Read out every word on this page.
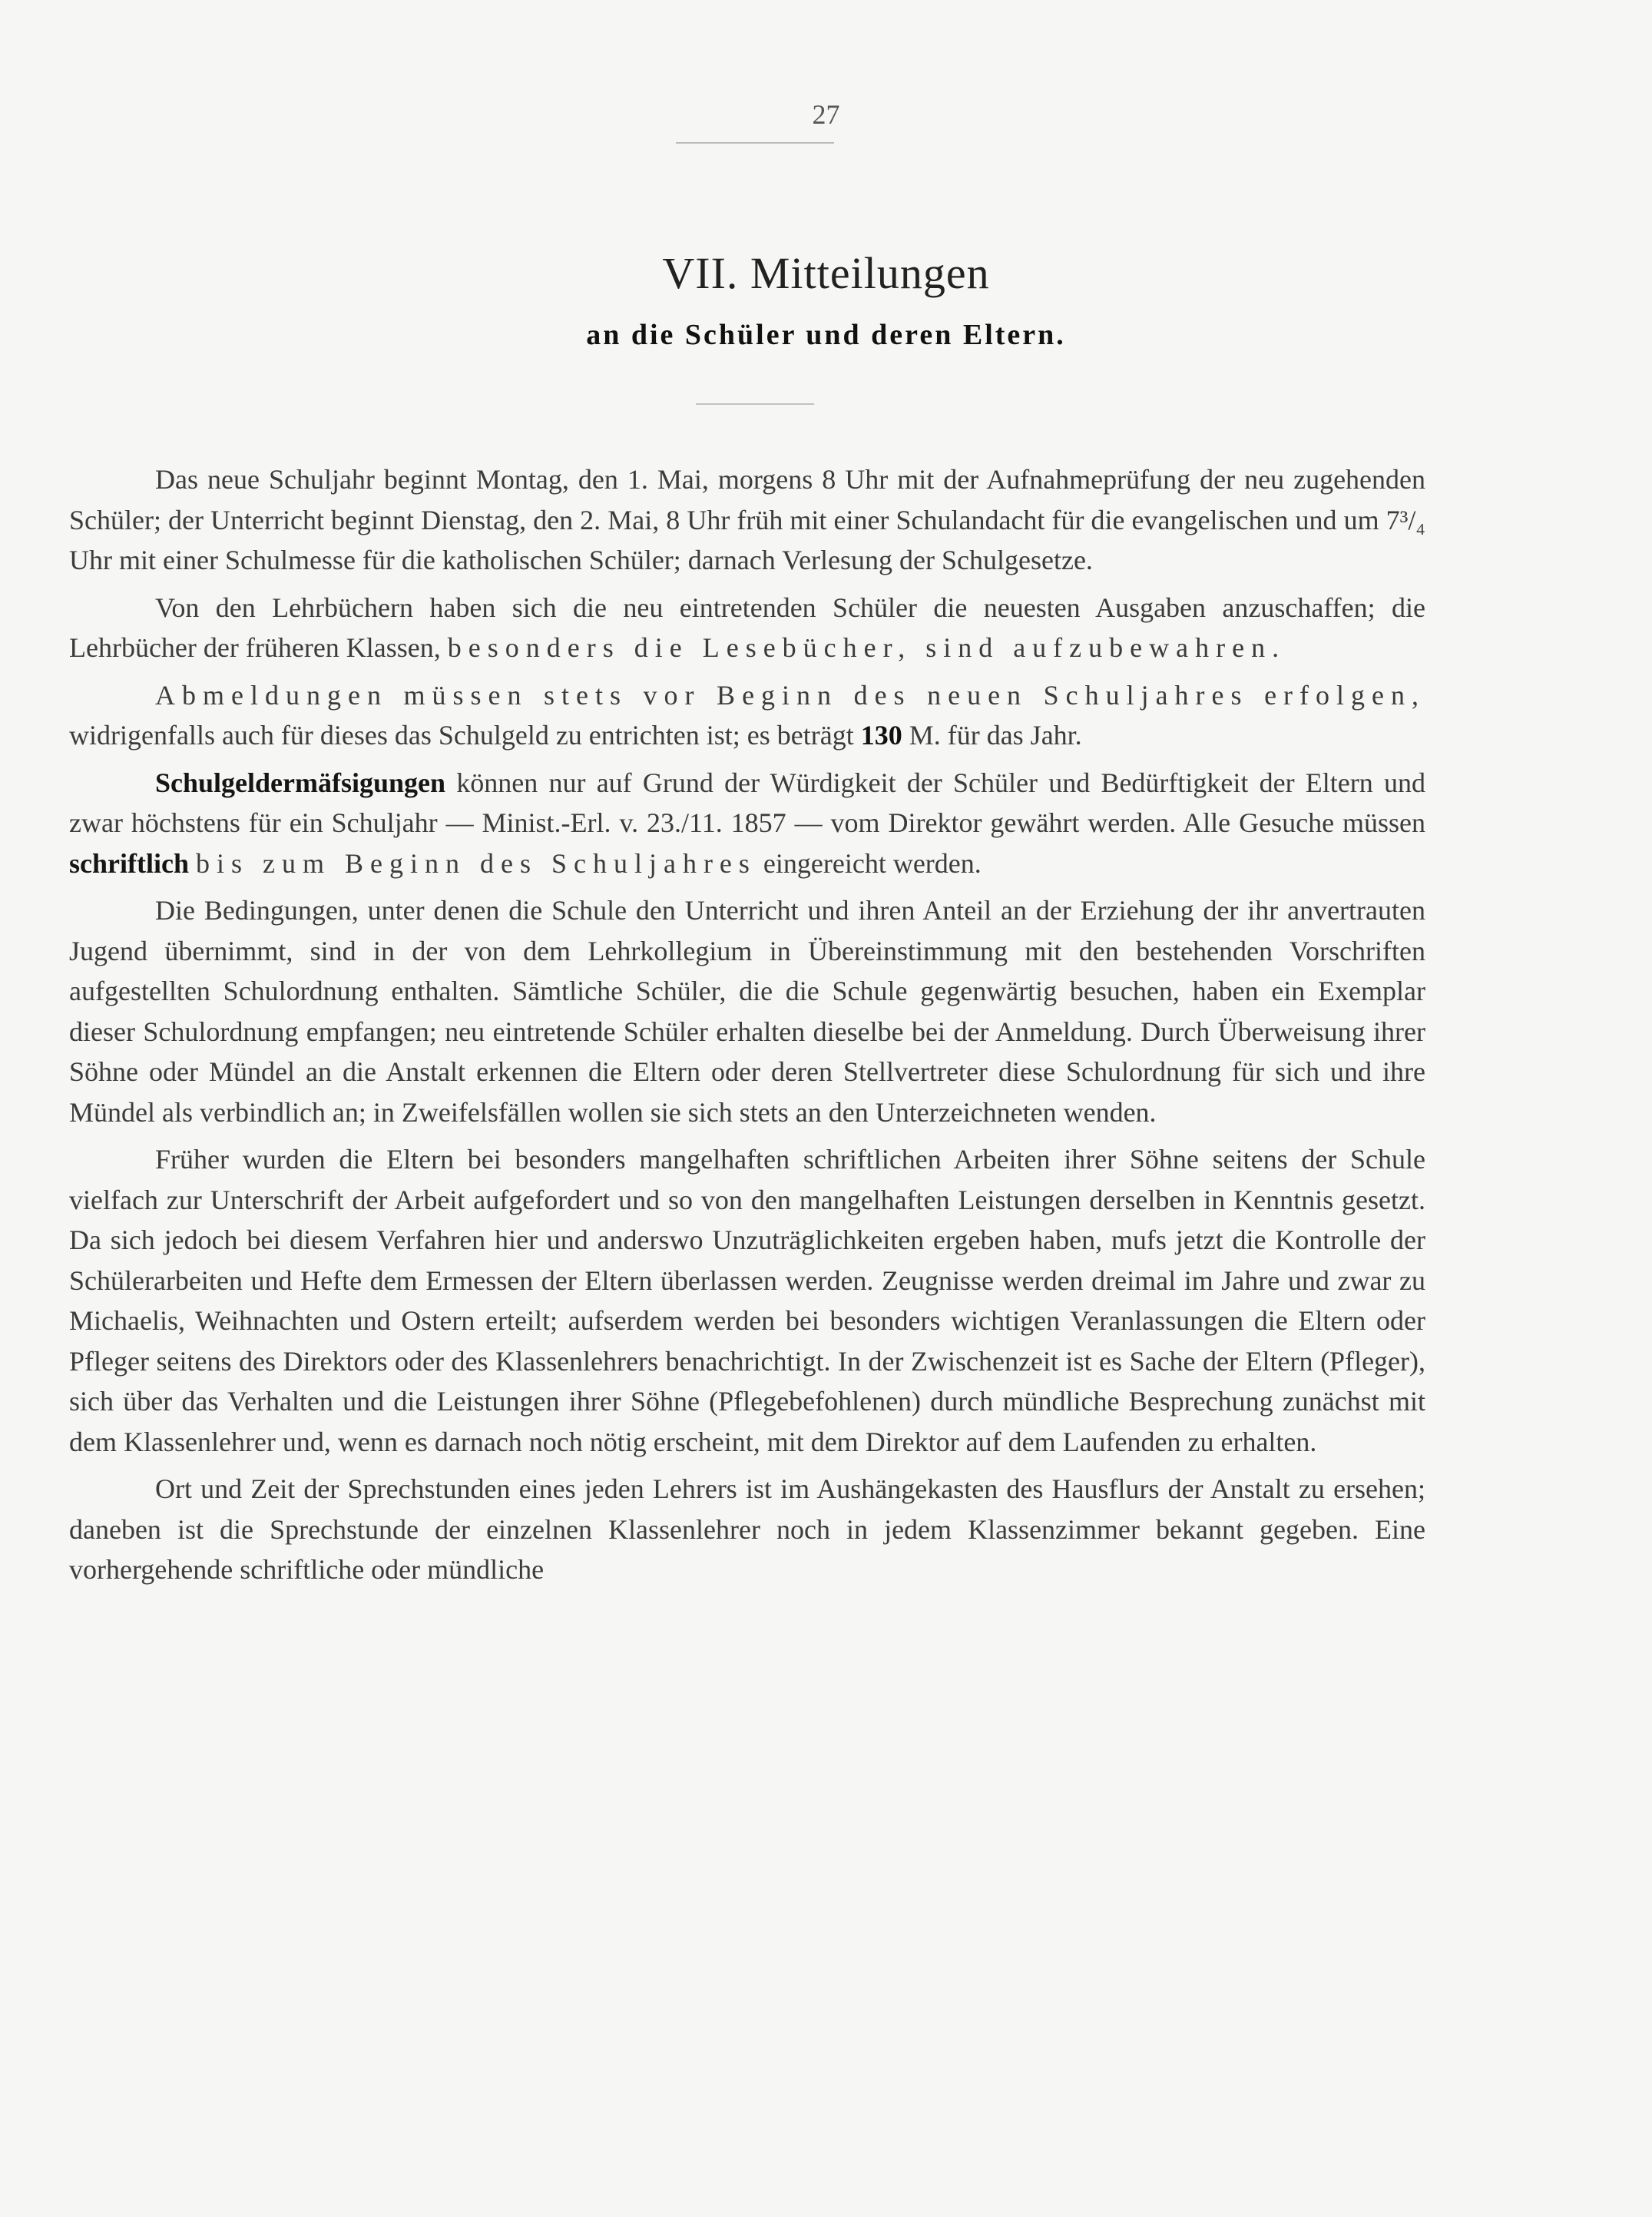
27
VII. Mitteilungen
an die Schüler und deren Eltern.

Das neue Schuljahr beginnt Montag, den 1. Mai, morgens 8 Uhr mit der Aufnahmeprüfung der neu zugehenden Schüler; der Unterricht beginnt Dienstag, den 2. Mai, 8 Uhr früh mit einer Schulandacht für die evangelischen und um 7³/₄ Uhr mit einer Schulmesse für die katholischen Schüler; darnach Verlesung der Schulgesetze.

Von den Lehrbüchern haben sich die neu eintretenden Schüler die neuesten Ausgaben anzuschaffen; die Lehrbücher der früheren Klassen, besonders die Lesebücher, sind aufzubewahren.

Abmeldungen müssen stets vor Beginn des neuen Schuljahres erfolgen, widrigenfalls auch für dieses das Schulgeld zu entrichten ist; es beträgt 130 M. für das Jahr.

Schulgeldermäfsigungen können nur auf Grund der Würdigkeit der Schüler und Bedürftigkeit der Eltern und zwar höchstens für ein Schuljahr — Minist.-Erl. v. 23./11. 1857 — vom Direktor gewährt werden. Alle Gesuche müssen schriftlich bis zum Beginn des Schuljahres eingereicht werden.

Die Bedingungen, unter denen die Schule den Unterricht und ihren Anteil an der Erziehung der ihr anvertrauten Jugend übernimmt, sind in der von dem Lehrkollegium in Übereinstimmung mit den bestehenden Vorschriften aufgestellten Schulordnung enthalten. Sämtliche Schüler, die die Schule gegenwärtig besuchen, haben ein Exemplar dieser Schulordnung empfangen; neu eintretende Schüler erhalten dieselbe bei der Anmeldung. Durch Überweisung ihrer Söhne oder Mündel an die Anstalt erkennen die Eltern oder deren Stellvertreter diese Schulordnung für sich und ihre Mündel als verbindlich an; in Zweifelsfällen wollen sie sich stets an den Unterzeichneten wenden.

Früher wurden die Eltern bei besonders mangelhaften schriftlichen Arbeiten ihrer Söhne seitens der Schule vielfach zur Unterschrift der Arbeit aufgefordert und so von den mangelhaften Leistungen derselben in Kenntnis gesetzt. Da sich jedoch bei diesem Verfahren hier und anderswo Unzuträglichkeiten ergeben haben, mufs jetzt die Kontrolle der Schülerarbeiten und Hefte dem Ermessen der Eltern überlassen werden. Zeugnisse werden dreimal im Jahre und zwar zu Michaelis, Weihnachten und Ostern erteilt; aufserdem werden bei besonders wichtigen Veranlassungen die Eltern oder Pfleger seitens des Direktors oder des Klassenlehrers benachrichtigt. In der Zwischenzeit ist es Sache der Eltern (Pfleger), sich über das Verhalten und die Leistungen ihrer Söhne (Pflegebefohlenen) durch mündliche Besprechung zunächst mit dem Klassenlehrer und, wenn es darnach noch nötig erscheint, mit dem Direktor auf dem Laufenden zu erhalten.

Ort und Zeit der Sprechstunden eines jeden Lehrers ist im Aushängekasten des Hausflurs der Anstalt zu ersehen; daneben ist die Sprechstunde der einzelnen Klassenlehrer noch in jedem Klassenzimmer bekannt gegeben. Eine vorhergehende schriftliche oder mündliche
